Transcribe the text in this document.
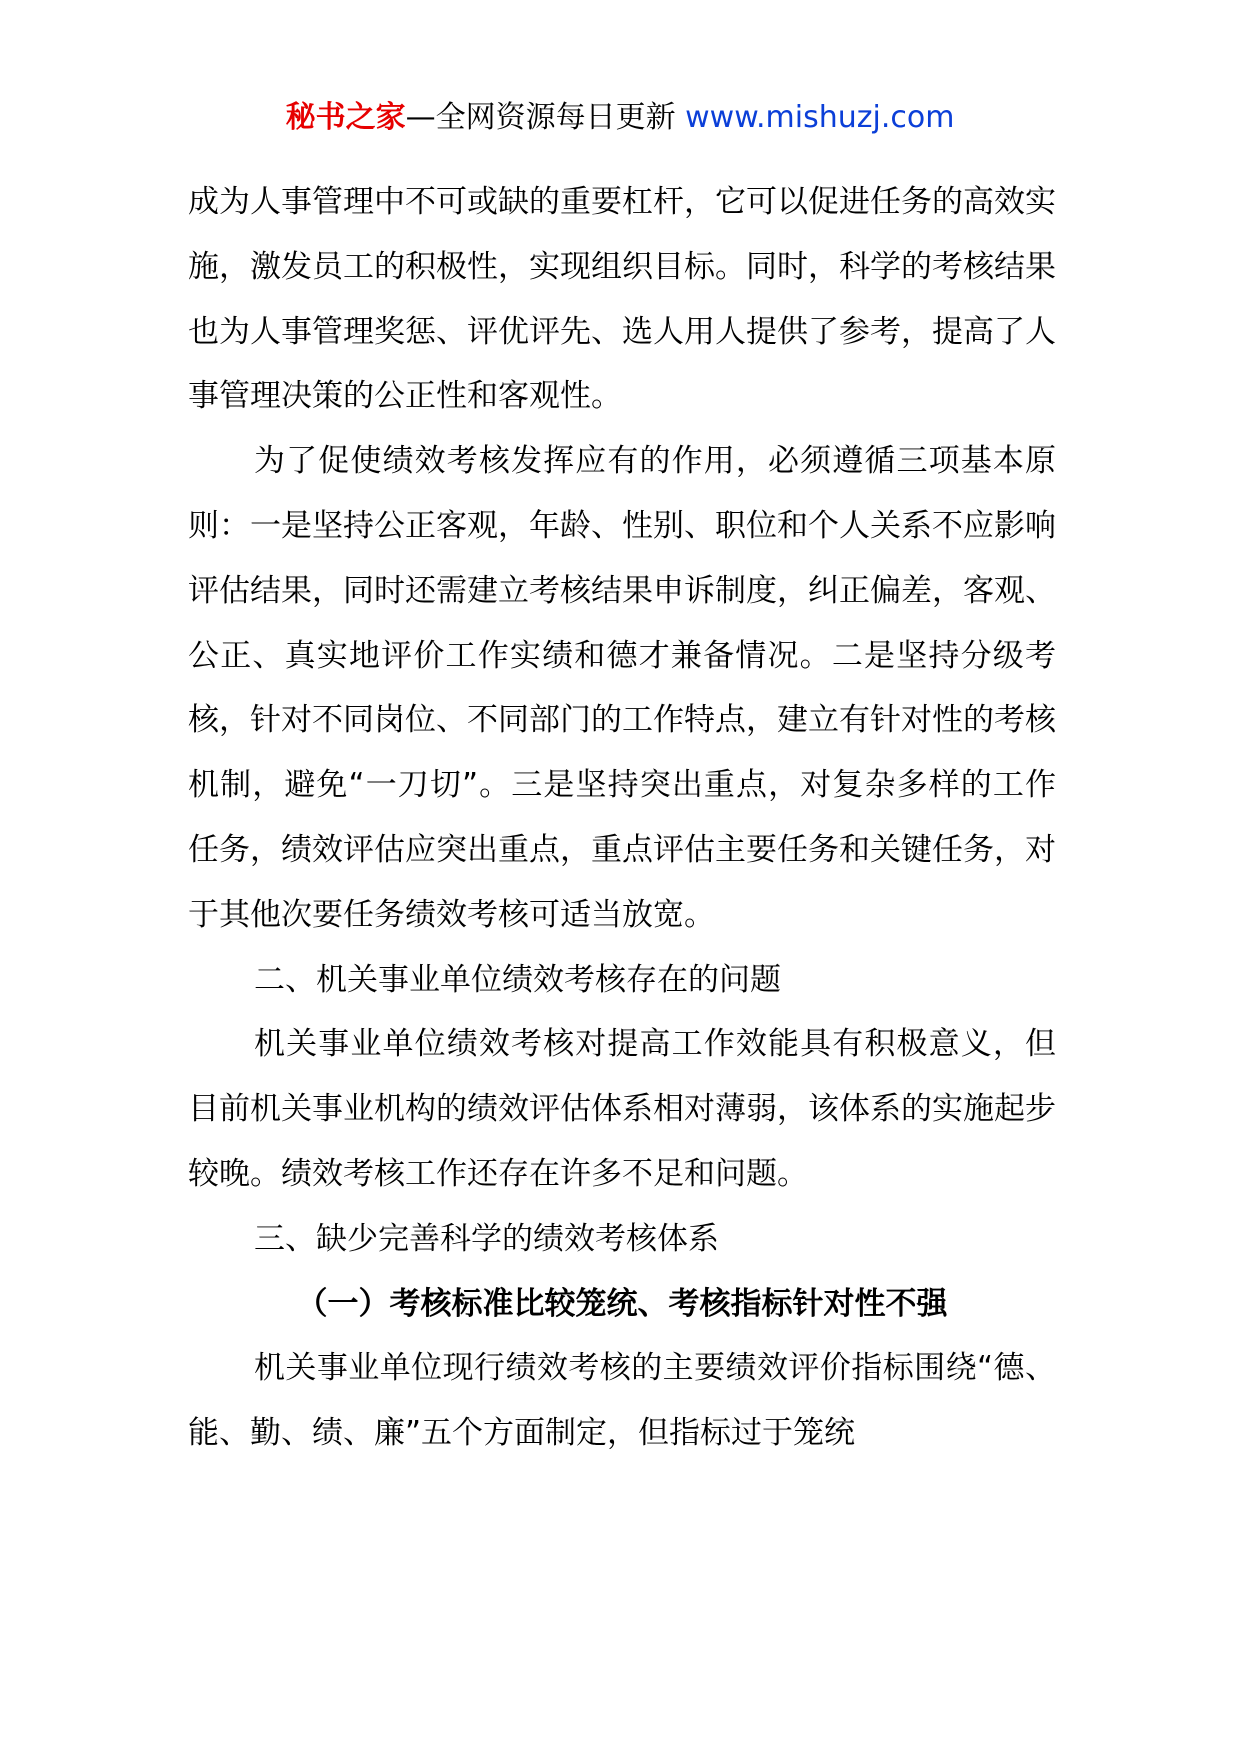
秘书之家—全网资源每日更新 www.mishuzj.com

成为人事管理中不可或缺的重要杠杆，它可以促进任务的高效实施，激发员工的积极性，实现组织目标。同时，科学的考核结果也为人事管理奖惩、评优评先、选人用人提供了参考，提高了人事管理决策的公正性和客观性。

为了促使绩效考核发挥应有的作用，必须遵循三项基本原则：一是坚持公正客观，年龄、性别、职位和个人关系不应影响评估结果，同时还需建立考核结果申诉制度，纠正偏差，客观、公正、真实地评价工作实绩和德才兼备情况。二是坚持分级考核，针对不同岗位、不同部门的工作特点，建立有针对性的考核机制，避免“一刀切”。三是坚持突出重点，对复杂多样的工作任务，绩效评估应突出重点，重点评估主要任务和关键任务，对于其他次要任务绩效考核可适当放宽。

二、机关事业单位绩效考核存在的问题

机关事业单位绩效考核对提高工作效能具有积极意义，但目前机关事业机构的绩效评估体系相对薄弱，该体系的实施起步较晚。绩效考核工作还存在许多不足和问题。

三、缺少完善科学的绩效考核体系

（一）考核标准比较笼统、考核指标针对性不强

机关事业单位现行绩效考核的主要绩效评价指标围绕“德、能、勤、绩、廉”五个方面制定，但指标过于笼统
